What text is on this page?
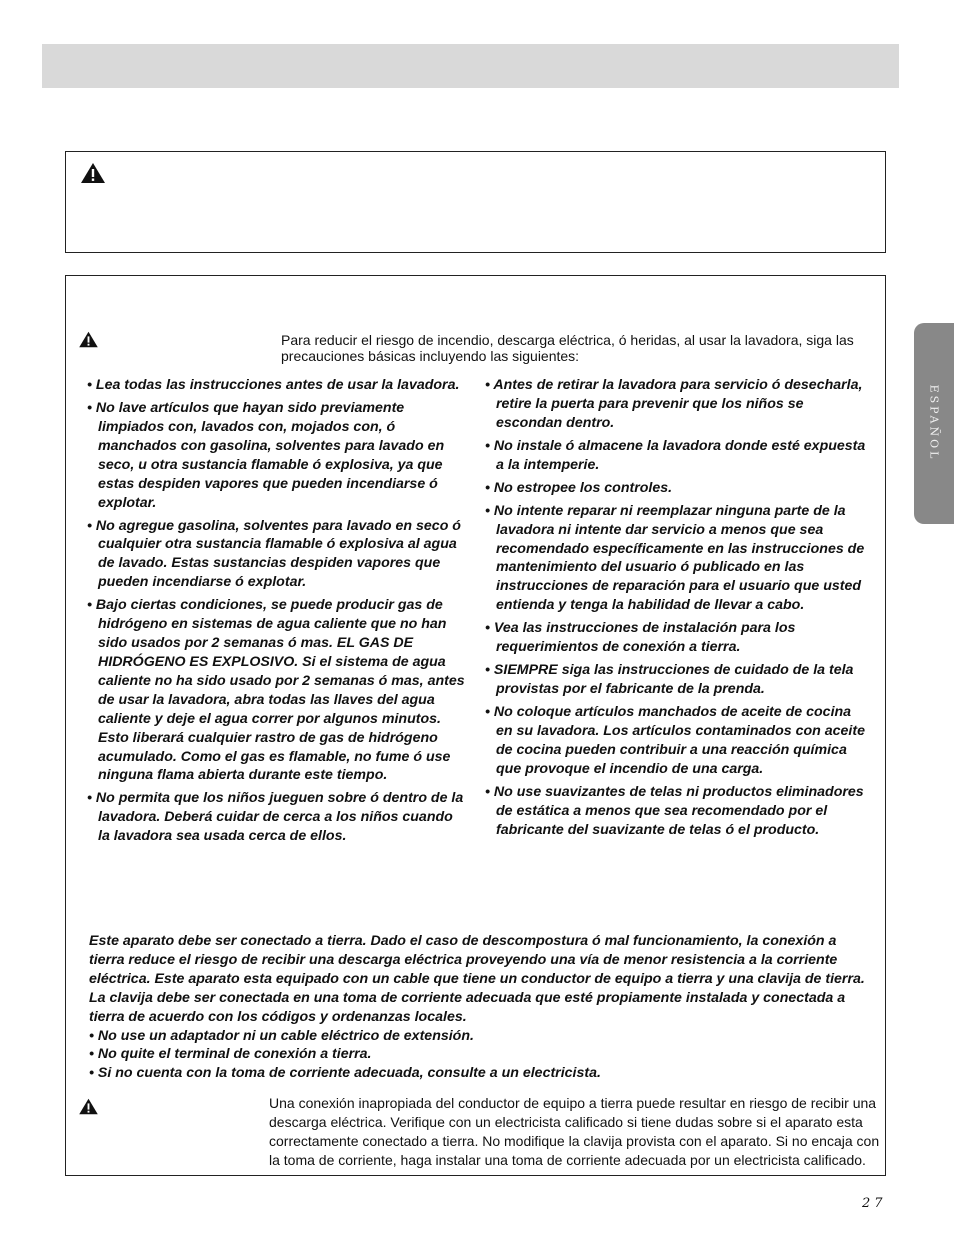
Para reducir el riesgo de incendio, descarga eléctrica, ó heridas, al usar la lavadora, siga las precauciones básicas incluyendo las siguientes:

• Lea todas las instrucciones antes de usar la lavadora.

• No lave artículos que hayan sido previamente limpiados con, lavados con, mojados con, ó manchados con gasolina, solventes para lavado en seco, u otra sustancia flamable ó explosiva, ya que estas despiden vapores que pueden incendiarse ó explotar.

• No agregue gasolina, solventes para lavado en seco ó cualquier otra sustancia flamable ó explosiva al agua de lavado. Estas sustancias despiden vapores que pueden incendiarse ó explotar.

• Bajo ciertas condiciones, se puede producir gas de hidrógeno en sistemas de agua caliente que no han sido usados por 2 semanas ó mas. EL GAS DE HIDRÓGENO ES EXPLOSIVO. Si el sistema de agua caliente no ha sido usado por 2 semanas ó mas, antes de usar la lavadora, abra todas las llaves del agua caliente y deje el agua correr por algunos minutos. Esto liberará cualquier rastro de gas de hidrógeno acumulado. Como el gas es flamable, no fume ó use ninguna flama abierta durante este tiempo.

• No permita que los niños jueguen sobre ó dentro de la lavadora. Deberá cuidar de cerca a los niños cuando la lavadora sea usada cerca de ellos.

• Antes de retirar la lavadora para servicio ó desecharla, retire la puerta para prevenir que los niños se escondan dentro.

• No instale ó almacene la lavadora donde esté expuesta a la intemperie.

• No estropee los controles.

• No intente reparar ni reemplazar ninguna parte de la lavadora ni intente dar servicio a menos que sea recomendado específicamente en las instrucciones de mantenimiento del usuario ó publicado en las instrucciones de reparación para el usuario que usted entienda y tenga la habilidad de llevar a cabo.

• Vea las instrucciones de instalación para los requerimientos de conexión a tierra.

• SIEMPRE siga las instrucciones de cuidado de la tela provistas por el fabricante de la prenda.

• No coloque artículos manchados de aceite de cocina en su lavadora. Los artículos contaminados con aceite de cocina pueden contribuir a una reacción química que provoque el incendio de una carga.

• No use suavizantes de telas ni productos eliminadores de estática a menos que sea recomendado por el fabricante del suavizante de telas ó el producto.

Este aparato debe ser conectado a tierra. Dado el caso de descompostura ó mal funcionamiento, la conexión a tierra reduce el riesgo de recibir una descarga eléctrica proveyendo una vía de menor resistencia a la corriente eléctrica. Este aparato esta equipado con un cable que tiene un conductor de equipo a tierra y una clavija de tierra. La clavija debe ser conectada en una toma de corriente adecuada que esté propiamente instalada y conectada a tierra de acuerdo con los códigos y ordenanzas locales.

• No use un adaptador ni un cable eléctrico de extensión.

• No quite el terminal de conexión a tierra.

• Si no cuenta con la toma de corriente adecuada, consulte a un electricista.

Una conexión inapropiada del conductor de equipo a tierra puede resultar en riesgo de recibir una descarga eléctrica. Verifique con un electricista calificado si tiene dudas sobre si el aparato esta correctamente conectado a tierra. No modifique la clavija provista con el aparato. Si no encaja con la toma de corriente, haga instalar una toma de corriente adecuada por un electricista calificado.
ESPAÑOL
27
